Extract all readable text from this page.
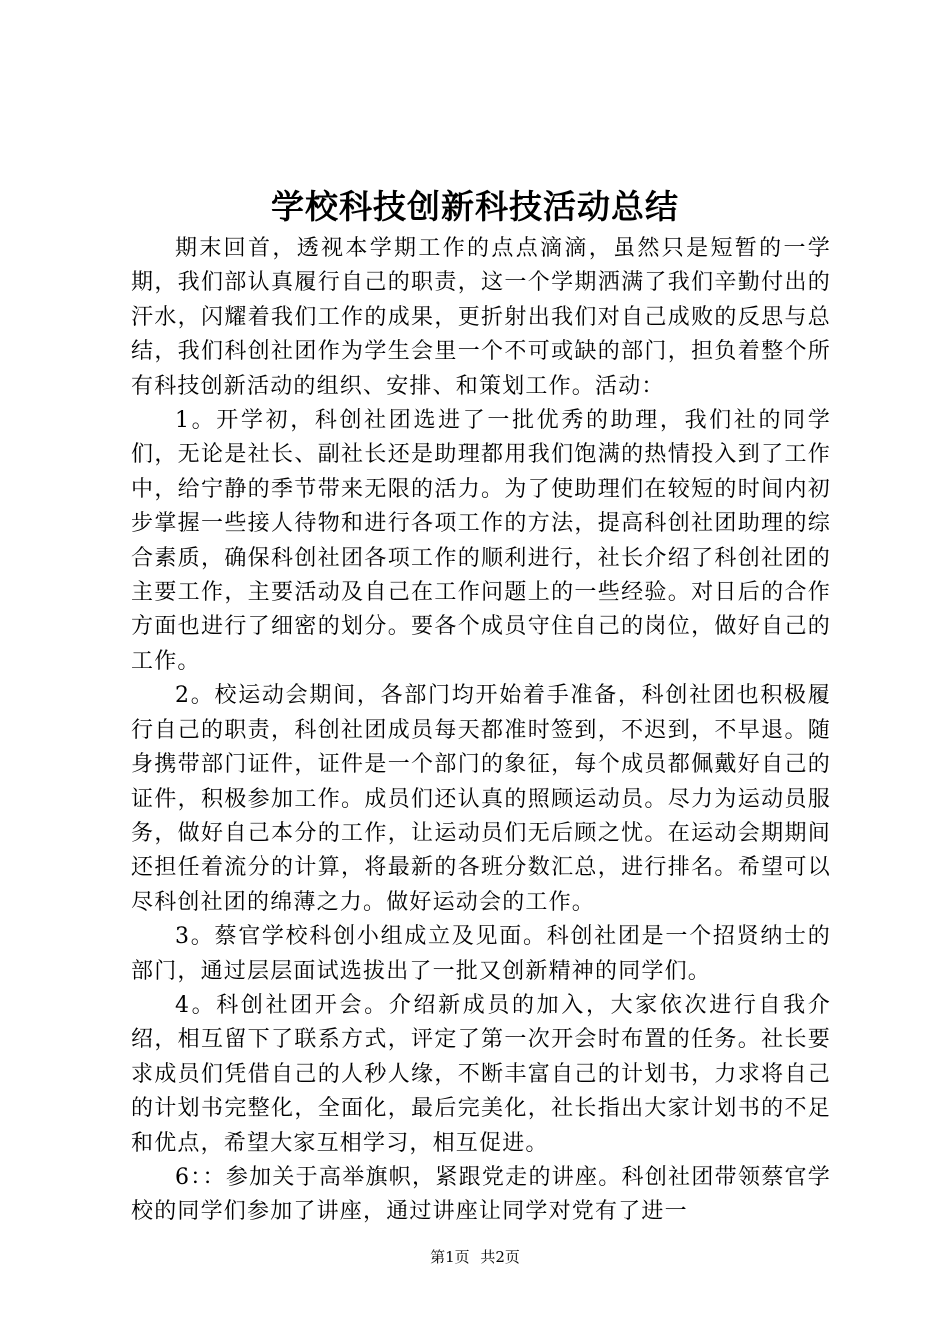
学校科技创新科技活动总结

期末回首，透视本学期工作的点点滴滴，虽然只是短暂的一学期，我们部认真履行自己的职责，这一个学期洒满了我们辛勤付出的汗水，闪耀着我们工作的成果，更折射出我们对自己成败的反思与总结，我们科创社团作为学生会里一个不可或缺的部门，担负着整个所有科技创新活动的组织、安排、和策划工作。活动：

1。开学初，科创社团选进了一批优秀的助理，我们社的同学们，无论是社长、副社长还是助理都用我们饱满的热情投入到了工作中，给宁静的季节带来无限的活力。为了使助理们在较短的时间内初步掌握一些接人待物和进行各项工作的方法，提高科创社团助理的综合素质，确保科创社团各项工作的顺利进行，社长介绍了科创社团的主要工作，主要活动及自己在工作问题上的一些经验。对日后的合作方面也进行了细密的划分。要各个成员守住自己的岗位，做好自己的工作。

2。校运动会期间，各部门均开始着手准备，科创社团也积极履行自己的职责，科创社团成员每天都准时签到，不迟到，不早退。随身携带部门证件，证件是一个部门的象征，每个成员都佩戴好自己的证件，积极参加工作。成员们还认真的照顾运动员。尽力为运动员服务，做好自己本分的工作，让运动员们无后顾之忧。在运动会期期间还担任着流分的计算，将最新的各班分数汇总，进行排名。希望可以尽科创社团的绵薄之力。做好运动会的工作。

3。蔡官学校科创小组成立及见面。科创社团是一个招贤纳士的部门，通过层层面试选拔出了一批又创新精神的同学们。

4。科创社团开会。介绍新成员的加入，大家依次进行自我介绍，相互留下了联系方式，评定了第一次开会时布置的任务。社长要求成员们凭借自己的人秒人缘，不断丰富自己的计划书，力求将自己的计划书完整化，全面化，最后完美化，社长指出大家计划书的不足和优点，希望大家互相学习，相互促进。

6：：参加关于高举旗帜，紧跟党走的讲座。科创社团带领蔡官学校的同学们参加了讲座，通过讲座让同学对党有了进一

第1页 共2页
